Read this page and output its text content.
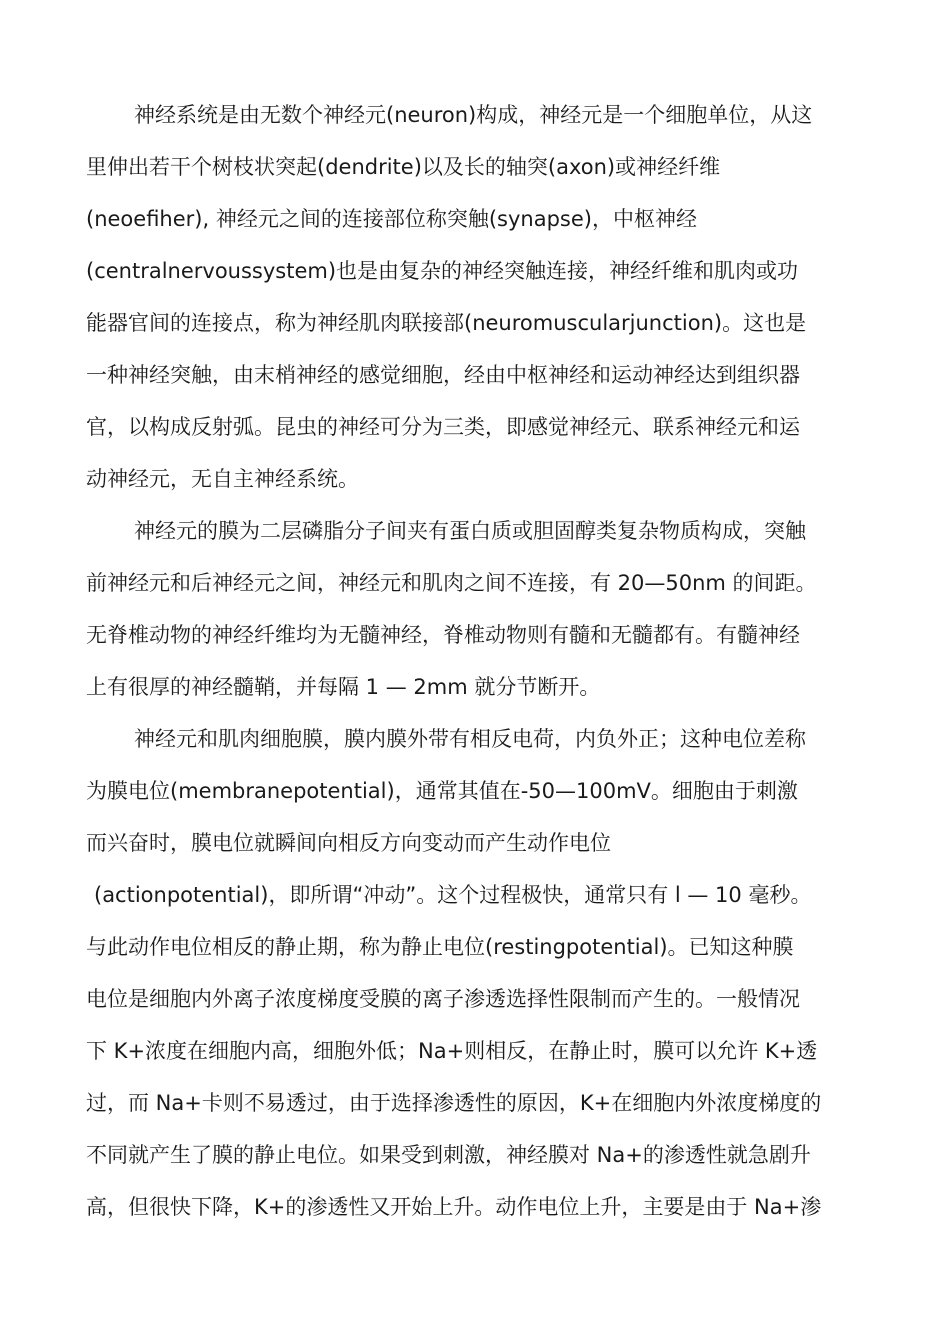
神经系统是由无数个神经元(neuron)构成，神经元是一个细胞单位，从这
里伸出若干个树枝状突起(dendrite)以及长的轴突(axon)或神经纤维
(neoefiher), 神经元之间的连接部位称突触(synapse)，中枢神经
(centralnervoussystem)也是由复杂的神经突触连接，神经纤维和肌肉或功
能器官间的连接点，称为神经肌肉联接部(neuromuscularjunction)。这也是
一种神经突触，由末梢神经的感觉细胞，经由中枢神经和运动神经达到组织器
官，以构成反射弧。昆虫的神经可分为三类，即感觉神经元、联系神经元和运
动神经元，无自主神经系统。
神经元的膜为二层磷脂分子间夹有蛋白质或胆固醇类复杂物质构成，突触
前神经元和后神经元之间，神经元和肌肉之间不连接，有 20—50nm 的间距。
无脊椎动物的神经纤维均为无髓神经，脊椎动物则有髓和无髓都有。有髓神经
上有很厚的神经髓鞘，并每隔 1 — 2mm 就分节断开。
神经元和肌肉细胞膜，膜内膜外带有相反电荷，内负外正；这种电位差称
为膜电位(membranepotential)，通常其值在-50—100mV。细胞由于刺激
而兴奋时，膜电位就瞬间向相反方向变动而产生动作电位
(actionpotential)，即所谓“冲动”。这个过程极快，通常只有 l — 10 毫秒。
与此动作电位相反的静止期，称为静止电位(restingpotential)。已知这种膜
电位是细胞内外离子浓度梯度受膜的离子渗透选择性限制而产生的。一般情况
下 K+浓度在细胞内高，细胞外低；Na+则相反，在静止时，膜可以允许 K+透
过，而 Na+卡则不易透过，由于选择渗透性的原因，K+在细胞内外浓度梯度的
不同就产生了膜的静止电位。如果受到刺激，神经膜对 Na+的渗透性就急剧升
高，但很快下降，K+的渗透性又开始上升。动作电位上升，主要是由于 Na+渗
